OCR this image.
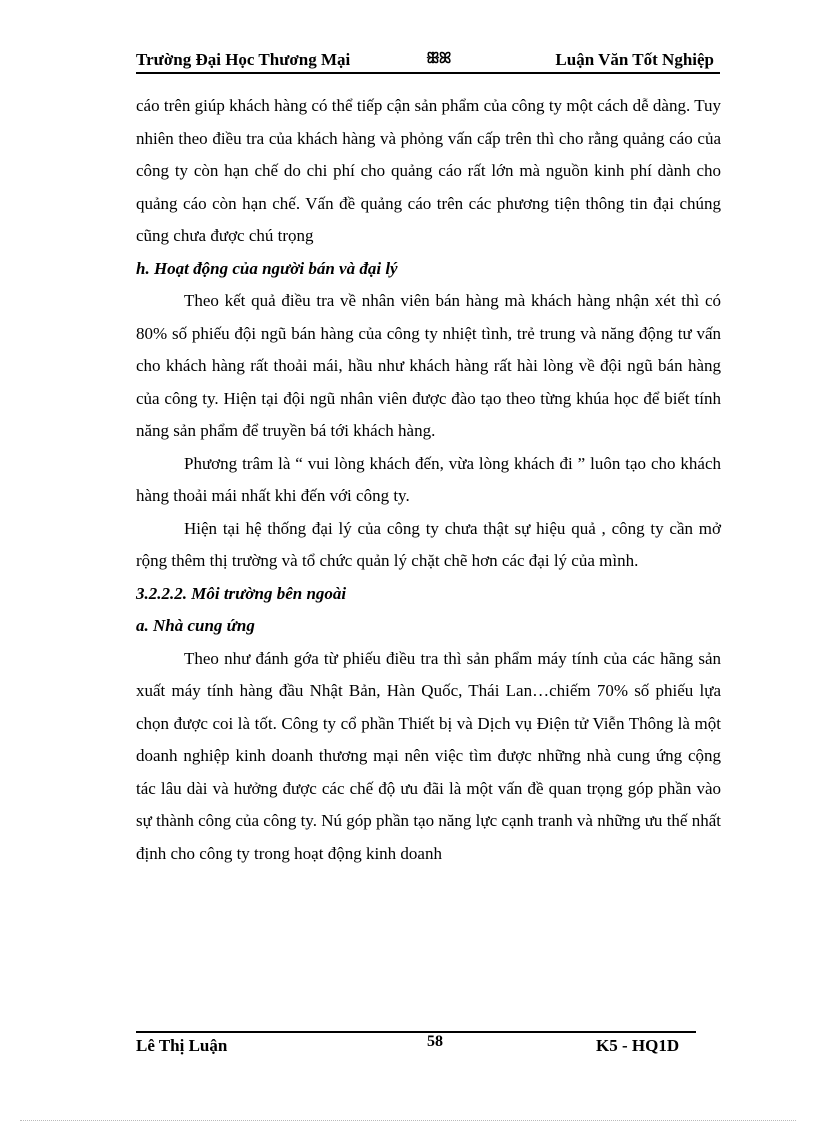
Trường Đại Học Thương Mại	ꕥꕤ	Luận Văn Tốt Nghiệp

cáo trên giúp khách hàng có thể tiếp cận sản phẩm của công ty một cách dễ dàng. Tuy nhiên theo điều tra của khách hàng và phỏng vấn cấp trên thì cho rằng quảng cáo của công ty còn hạn chế do chi phí cho quảng cáo rất lớn mà nguồn kinh phí dành cho quảng cáo còn hạn chế. Vấn đề quảng cáo trên các phương tiện thông tin đại chúng cũng chưa được chú trọng

h. Hoạt động của người bán và đại lý

Theo kết quả điều tra về nhân viên bán hàng mà khách hàng nhận xét thì có 80% số phiếu đội ngũ bán hàng của công ty nhiệt tình, trẻ trung và năng động tư vấn cho khách hàng rất thoải mái, hầu như khách hàng rất hài lòng về đội ngũ bán hàng của công ty. Hiện tại đội ngũ nhân viên được đào tạo theo từng khúa học để biết tính năng sản phẩm để truyền bá tới khách hàng.

Phương trâm là “ vui lòng khách đến, vừa lòng khách đi ” luôn tạo cho khách hàng thoải mái nhất khi đến với công ty.

Hiện tại hệ thống đại lý của công ty chưa thật sự hiệu quả , công ty cần mở rộng thêm thị trường và tổ chức quản lý chặt chẽ hơn các đại lý của mình.

3.2.2.2. Môi trường bên ngoài

a. Nhà cung ứng

Theo như đánh gớa từ phiếu điều tra thì sản phẩm máy tính của các hãng sản xuất máy tính hàng đầu Nhật Bản, Hàn Quốc, Thái Lan…chiếm 70% số phiếu lựa chọn được coi là tốt. Công ty cổ phần Thiết bị và Dịch vụ Điện tử Viễn Thông là một doanh nghiệp kinh doanh thương mại nên việc tìm được những nhà cung ứng cộng tác lâu dài và hưởng được các chế độ ưu đãi là một vấn đề quan trọng góp phần vào sự thành công của công ty. Nú góp phần tạo năng lực cạnh tranh và những ưu thế nhất định cho công ty trong hoạt động kinh doanh

Lê Thị Luận	58	K5 - HQ1D
